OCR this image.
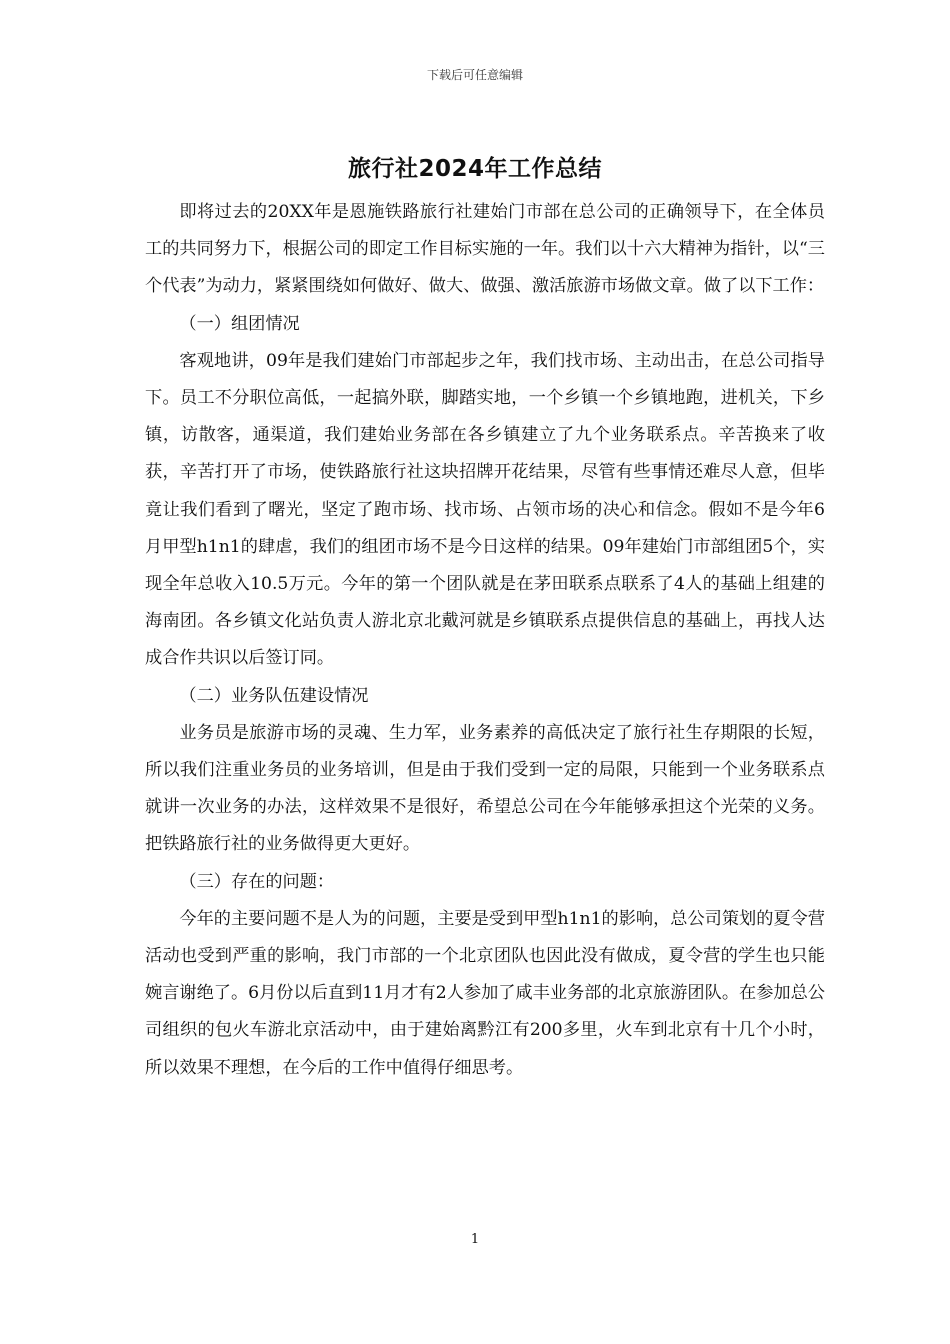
下载后可任意编辑
旅行社2024年工作总结

即将过去的20XX年是恩施铁路旅行社建始门市部在总公司的正确领导下，在全体员工的共同努力下，根据公司的即定工作目标实施的一年。我们以十六大精神为指针，以“三个代表”为动力，紧紧围绕如何做好、做大、做强、激活旅游市场做文章。做了以下工作：

（一）组团情况

客观地讲，09年是我们建始门市部起步之年，我们找市场、主动出击，在总公司指导下。员工不分职位高低，一起搞外联，脚踏实地，一个乡镇一个乡镇地跑，进机关，下乡镇，访散客，通渠道，我们建始业务部在各乡镇建立了九个业务联系点。辛苦换来了收获，辛苦打开了市场，使铁路旅行社这块招牌开花结果，尽管有些事情还难尽人意，但毕竟让我们看到了曙光，坚定了跑市场、找市场、占领市场的决心和信念。假如不是今年6月甲型h1n1的肆虐，我们的组团市场不是今日这样的结果。09年建始门市部组团5个，实现全年总收入10.5万元。今年的第一个团队就是在茅田联系点联系了4人的基础上组建的海南团。各乡镇文化站负责人游北京北戴河就是乡镇联系点提供信息的基础上，再找人达成合作共识以后签订同。

（二）业务队伍建设情况

业务员是旅游市场的灵魂、生力军，业务素养的高低决定了旅行社生存期限的长短，所以我们注重业务员的业务培训，但是由于我们受到一定的局限，只能到一个业务联系点就讲一次业务的办法，这样效果不是很好，希望总公司在今年能够承担这个光荣的义务。把铁路旅行社的业务做得更大更好。

（三）存在的问题：

今年的主要问题不是人为的问题，主要是受到甲型h1n1的影响，总公司策划的夏令营活动也受到严重的影响，我门市部的一个北京团队也因此没有做成，夏令营的学生也只能婉言谢绝了。6月份以后直到11月才有2人参加了咸丰业务部的北京旅游团队。在参加总公司组织的包火车游北京活动中，由于建始离黔江有200多里，火车到北京有十几个小时，所以效果不理想，在今后的工作中值得仔细思考。

1
